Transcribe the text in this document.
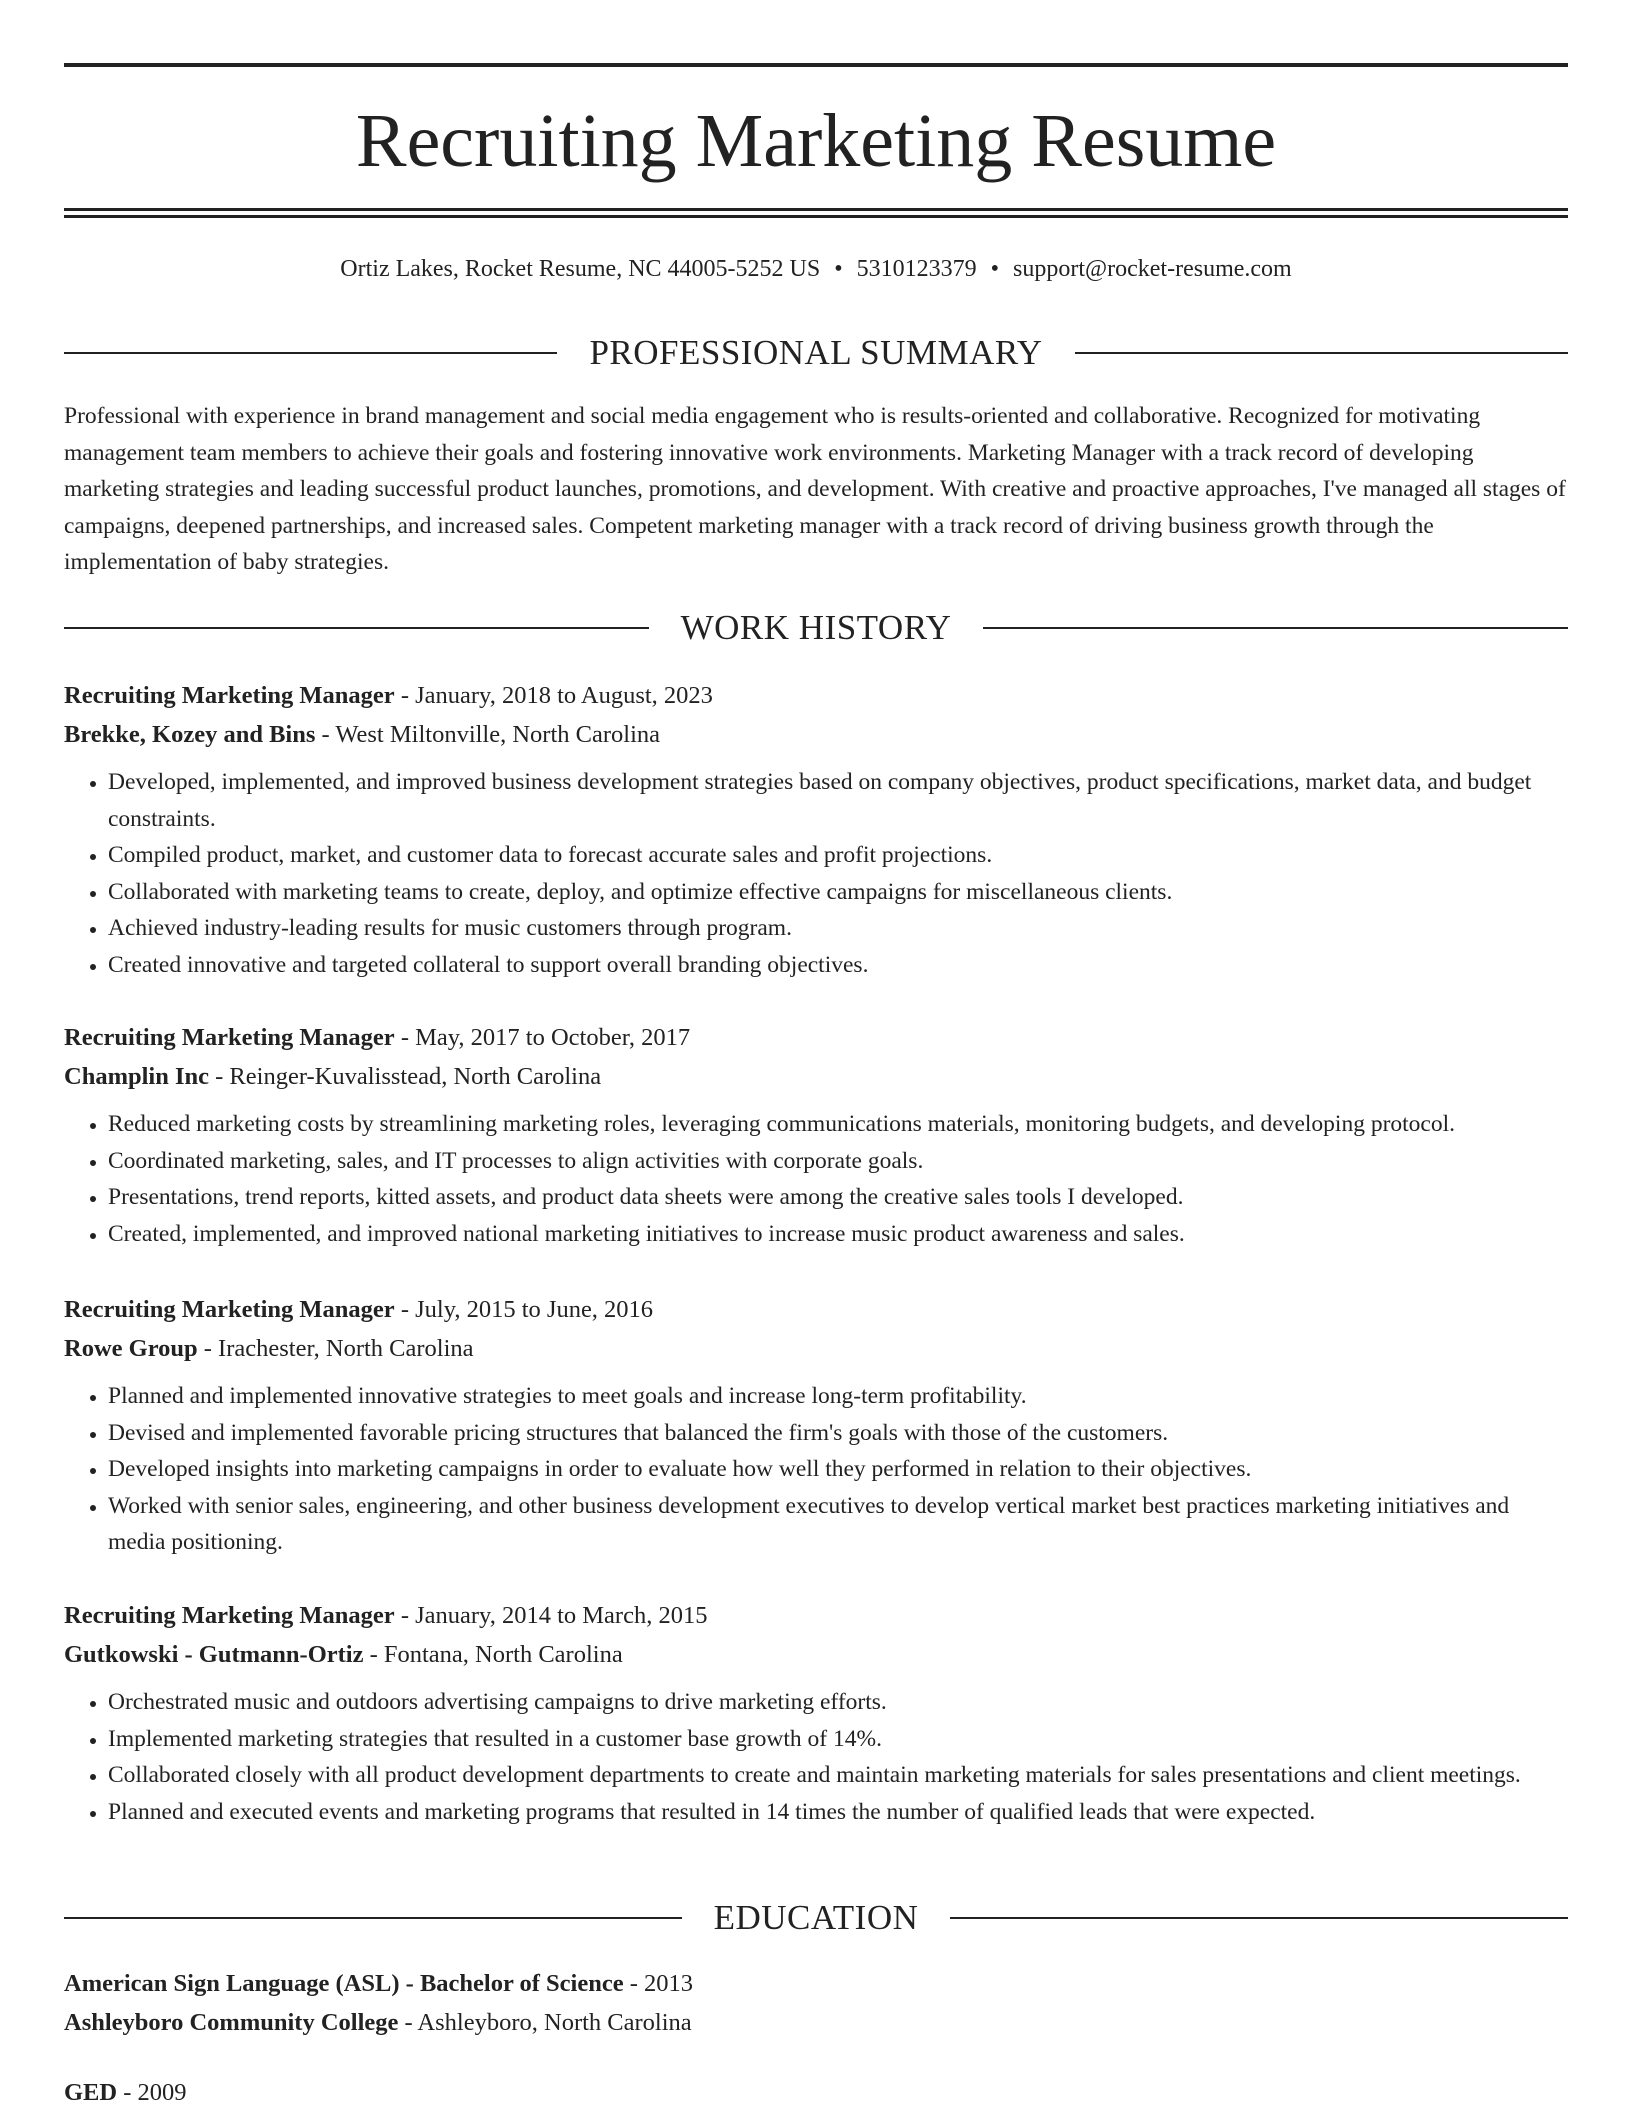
Recruiting Marketing Resume
Ortiz Lakes, Rocket Resume, NC 44005-5252 US • 5310123379 • support@rocket-resume.com
PROFESSIONAL SUMMARY

Professional with experience in brand management and social media engagement who is results-oriented and collaborative. Recognized for motivating management team members to achieve their goals and fostering innovative work environments. Marketing Manager with a track record of developing marketing strategies and leading successful product launches, promotions, and development. With creative and proactive approaches, I've managed all stages of campaigns, deepened partnerships, and increased sales. Competent marketing manager with a track record of driving business growth through the implementation of baby strategies.

WORK HISTORY

Recruiting Marketing Manager - January, 2018 to August, 2023

Brekke, Kozey and Bins - West Miltonville, North Carolina

• Developed, implemented, and improved business development strategies based on company objectives, product specifications, market data, and budget constraints.
• Compiled product, market, and customer data to forecast accurate sales and profit projections.
• Collaborated with marketing teams to create, deploy, and optimize effective campaigns for miscellaneous clients.
• Achieved industry-leading results for music customers through program.
• Created innovative and targeted collateral to support overall branding objectives.

Recruiting Marketing Manager - May, 2017 to October, 2017

Champlin Inc - Reinger-Kuvalisstead, North Carolina

• Reduced marketing costs by streamlining marketing roles, leveraging communications materials, monitoring budgets, and developing protocol.
• Coordinated marketing, sales, and IT processes to align activities with corporate goals.
• Presentations, trend reports, kitted assets, and product data sheets were among the creative sales tools I developed.
• Created, implemented, and improved national marketing initiatives to increase music product awareness and sales.

Recruiting Marketing Manager - July, 2015 to June, 2016

Rowe Group - Irachester, North Carolina

• Planned and implemented innovative strategies to meet goals and increase long-term profitability.
• Devised and implemented favorable pricing structures that balanced the firm's goals with those of the customers.
• Developed insights into marketing campaigns in order to evaluate how well they performed in relation to their objectives.
• Worked with senior sales, engineering, and other business development executives to develop vertical market best practices marketing initiatives and media positioning.

Recruiting Marketing Manager - January, 2014 to March, 2015

Gutkowski - Gutmann-Ortiz - Fontana, North Carolina

• Orchestrated music and outdoors advertising campaigns to drive marketing efforts.
• Implemented marketing strategies that resulted in a customer base growth of 14%.
• Collaborated closely with all product development departments to create and maintain marketing materials for sales presentations and client meetings.
• Planned and executed events and marketing programs that resulted in 14 times the number of qualified leads that were expected.
EDUCATION

American Sign Language (ASL) - Bachelor of Science - 2013

Ashleyboro Community College - Ashleyboro, North Carolina

GED - 2009
